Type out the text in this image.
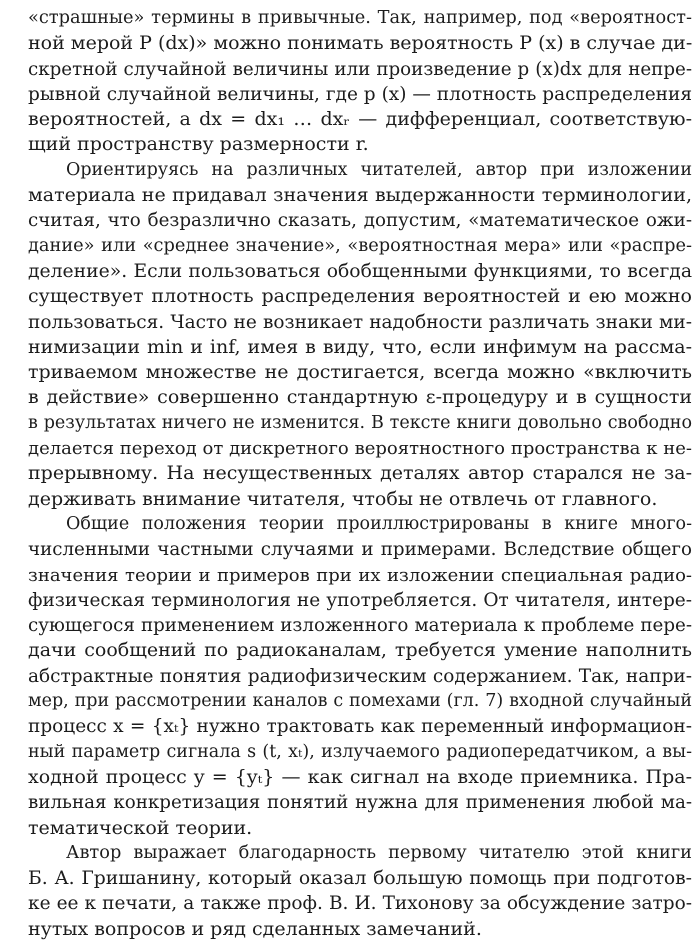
«страшные» термины в привычные. Так, например, под «вероятност-
ной мерой P (dx)» можно понимать вероятность P (x) в случае ди-
скретной случайной величины или произведение p (x)dx для непре-
рывной случайной величины, где p (x) — плотность распределения
вероятностей, а dx = dx₁ … dxᵣ — дифференциал, соответствую-
щий пространству размерности r.
Ориентируясь на различных читателей, автор при изложении
материала не придавал значения выдержанности терминологии,
считая, что безразлично сказать, допустим, «математическое ожи-
дание» или «среднее значение», «вероятностная мера» или «распре-
деление». Если пользоваться обобщенными функциями, то всегда
существует плотность распределения вероятностей и ею можно
пользоваться. Часто не возникает надобности различать знаки ми-
нимизации min и inf, имея в виду, что, если инфимум на рассма-
триваемом множестве не достигается, всегда можно «включить
в действие» совершенно стандартную ε-процедуру и в сущности
в результатах ничего не изменится. В тексте книги довольно свободно
делается переход от дискретного вероятностного пространства к не-
прерывному. На несущественных деталях автор старался не за-
держивать внимание читателя, чтобы не отвлечь от главного.
Общие положения теории проиллюстрированы в книге много-
численными частными случаями и примерами. Вследствие общего
значения теории и примеров при их изложении специальная радио-
физическая терминология не употребляется. От читателя, интере-
сующегося применением изложенного материала к проблеме пере-
дачи сообщений по радиоканалам, требуется умение наполнить
абстрактные понятия радиофизическим содержанием. Так, напри-
мер, при рассмотрении каналов с помехами (гл. 7) входной случайный
процесс x = {xₜ} нужно трактовать как переменный информацион-
ный параметр сигнала s (t, xₜ), излучаемого радиопередатчиком, а вы-
ходной процесс y = {yₜ} — как сигнал на входе приемника. Пра-
вильная конкретизация понятий нужна для применения любой ма-
тематической теории.
Автор выражает благодарность первому читателю этой книги
Б. А. Гришанину, который оказал большую помощь при подготов-
ке ее к печати, а также проф. В. И. Тихонову за обсуждение затро-
нутых вопросов и ряд сделанных замечаний.
